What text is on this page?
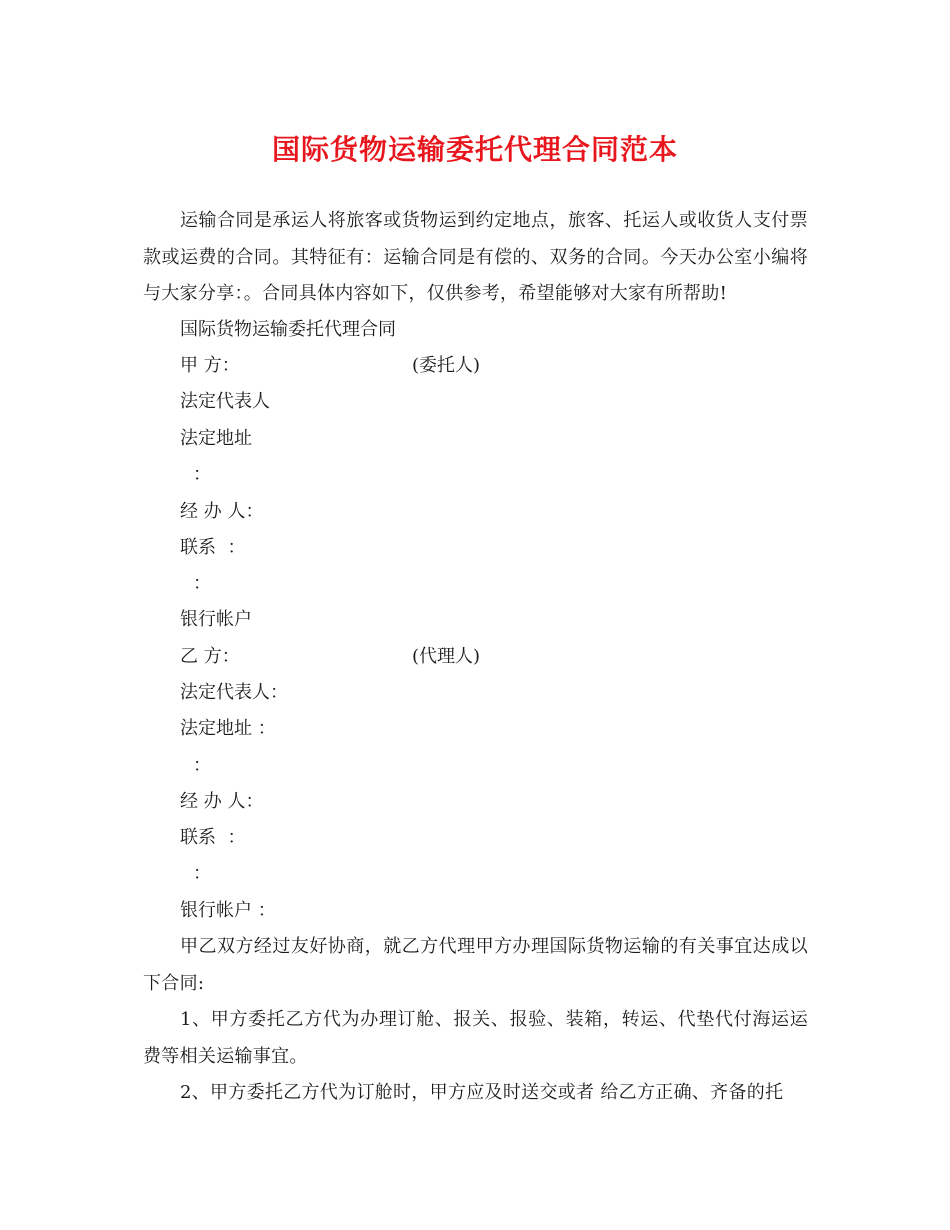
国际货物运输委托代理合同范本

运输合同是承运人将旅客或货物运到约定地点，旅客、托运人或收货人支付票款或运费的合同。其特征有：运输合同是有偿的、双务的合同。今天办公室小编将与大家分享：。合同具体内容如下，仅供参考，希望能够对大家有所帮助!

国际货物运输委托代理合同

甲 方：	(委托人)

法定代表人

法定地址

：

经 办 人：

联系  ：

：

银行帐户

乙 方：	(代理人)

法定代表人：

法定地址 ：

：

经 办 人：

联系  ：

：

银行帐户 ：

甲乙双方经过友好协商，就乙方代理甲方办理国际货物运输的有关事宜达成以下合同:

1、甲方委托乙方代为办理订舱、报关、报验、装箱，转运、代垫代付海运运费等相关运输事宜。

2、甲方委托乙方代为订舱时，甲方应及时送交或者 给乙方正确、齐备的托
